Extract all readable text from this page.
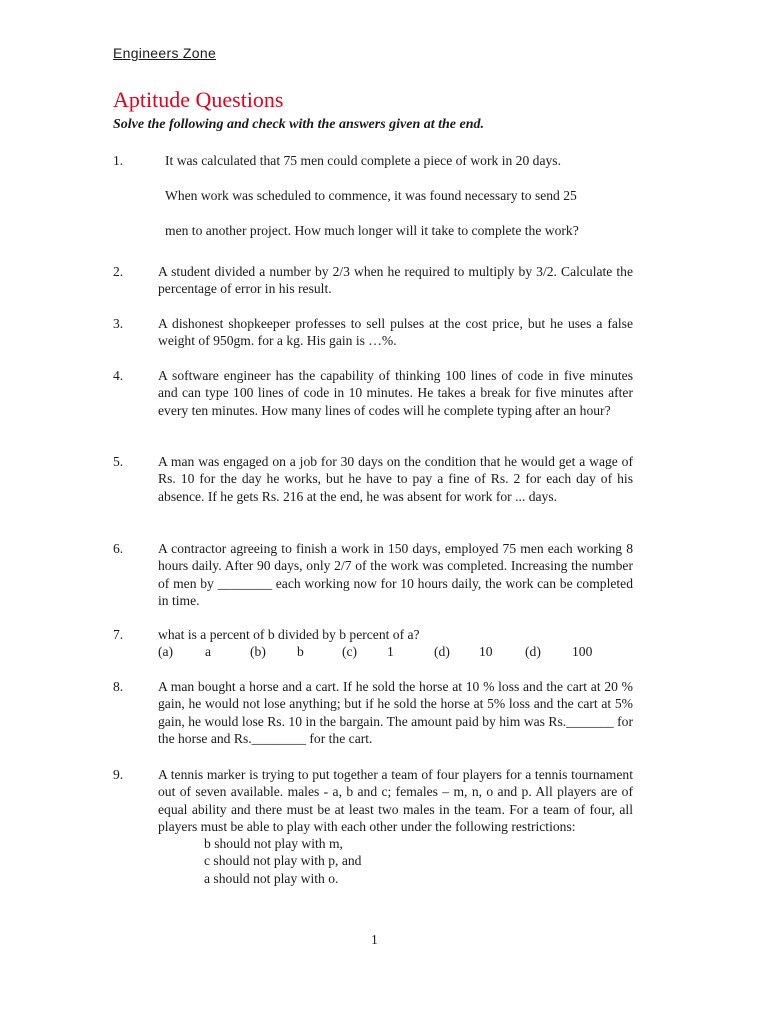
Engineers Zone
Aptitude Questions
Solve the following and check with the answers given at the end.
1.	It was calculated that 75 men could complete a piece of work in 20 days.

When work was scheduled to commence, it was found necessary to send 25

men to another project. How much longer will it take to complete the work?

2.	A student divided a number by 2/3 when he required to multiply by 3/2. Calculate the percentage of error in his result.
3.	A dishonest shopkeeper professes to sell pulses at the cost price, but he uses a false weight of 950gm. for a kg. His gain is …%.
4.	A software engineer has the capability of thinking 100 lines of code in five minutes and can type 100 lines of code in 10 minutes. He takes a break for five minutes after every ten minutes. How many lines of codes will he complete typing after an hour?
5.	A man was engaged on a job for 30 days on the condition that he would get a wage of Rs. 10 for the day he works, but he have to pay a fine of Rs. 2 for each day of his absence. If he gets Rs. 216 at the end, he was absent for work for ... days.
6.	A contractor agreeing to finish a work in 150 days, employed 75 men each working 8 hours daily. After 90 days, only 2/7 of the work was completed. Increasing the number of men by ________ each working now for 10 hours daily, the work can be completed in time.
7.	what is a percent of b divided by b percent of a?
(a)	a	(b)	b	(c)	1	(d)	10	(d)	100
8.	A man bought a horse and a cart. If he sold the horse at 10 % loss and the cart at 20 % gain, he would not lose anything; but if he sold the horse at 5% loss and the cart at 5% gain, he would lose Rs. 10 in the bargain. The amount paid by him was Rs._______ for the horse and Rs.________ for the cart.
9.	A tennis marker is trying to put together a team of four players for a tennis tournament out of seven available. males - a, b and c; females – m, n, o and p. All players are of equal ability and there must be at least two males in the team. For a team of four, all players must be able to play with each other under the following restrictions:
b should not play with m,
c should not play with p, and
a should not play with o.
1
